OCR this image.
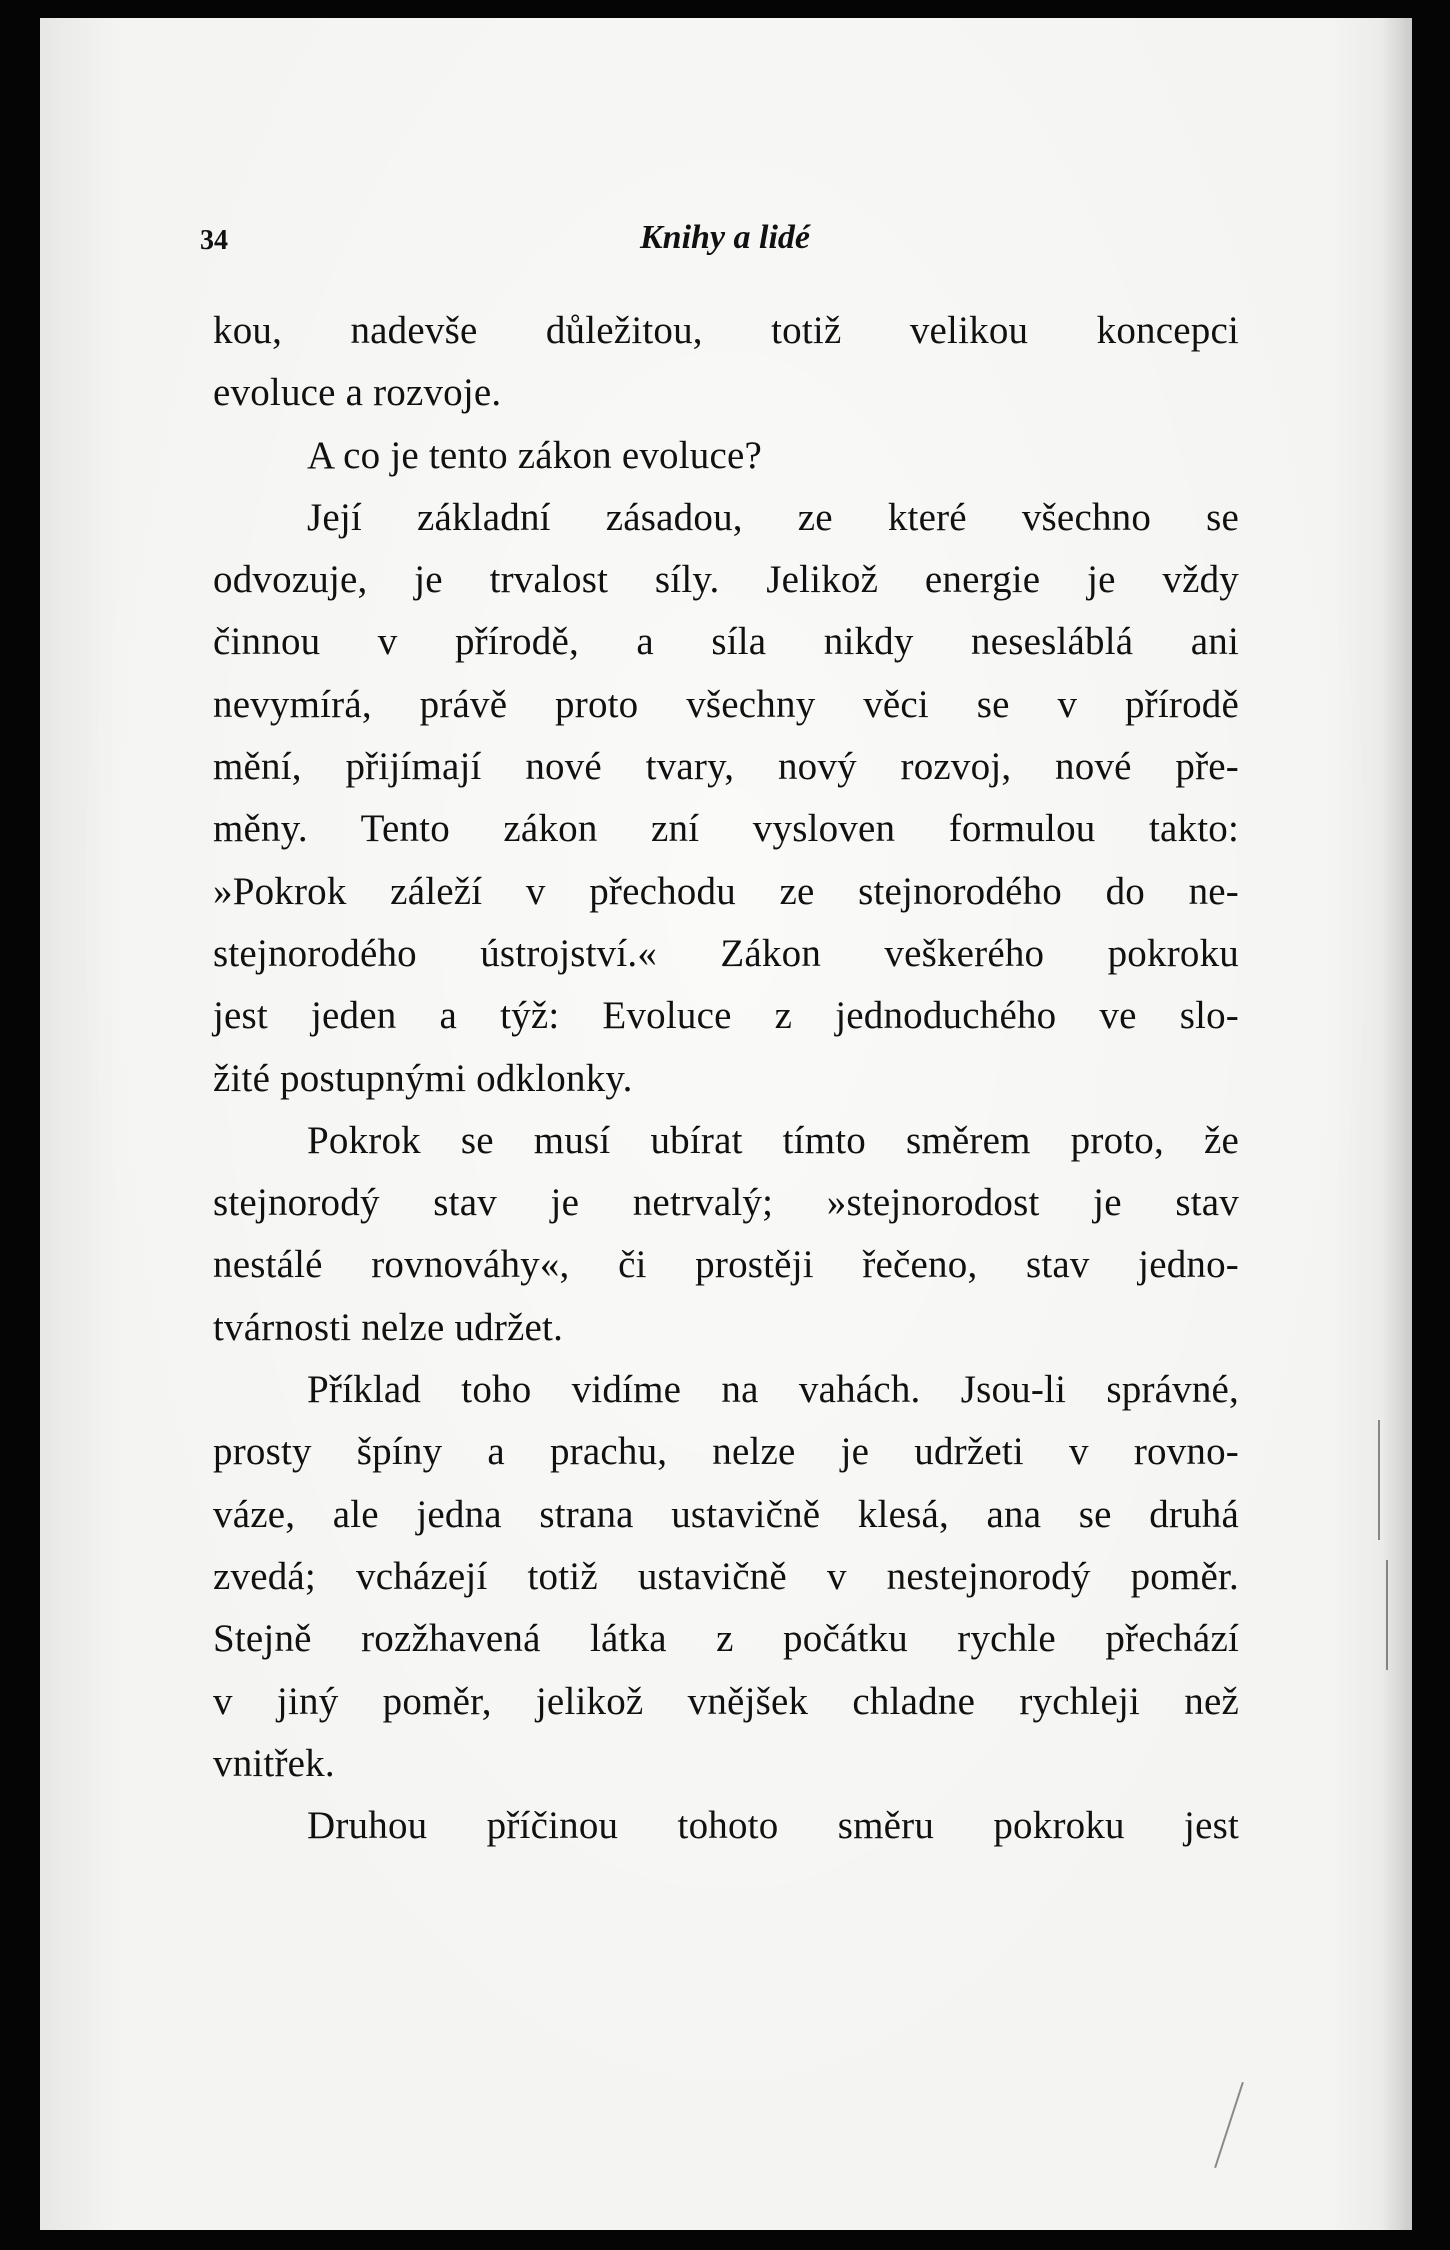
34	Knihy a lidé
kou, nadevše důležitou, totiž velikou koncepci
evoluce a rozvoje.
A co je tento zákon evoluce?
Její základní zásadou, ze které všechno se
odvozuje, je trvalost síly. Jelikož energie je vždy
činnou v přírodě, a síla nikdy nesesláblá ani
nevymírá, právě proto všechny věci se v přírodě
mění, přijímají nové tvary, nový rozvoj, nové pře-
měny. Tento zákon zní vysloven formulou takto:
»Pokrok záleží v přechodu ze stejnorodého do ne-
stejnorodého ústrojství.« Zákon veškerého pokroku
jest jeden a týž: Evoluce z jednoduchého ve slo-
žité postupnými odklonky.
Pokrok se musí ubírat tímto směrem proto, že
stejnorodý stav je netrvalý; »stejnorodost je stav
nestálé rovnováhy«, či prostěji řečeno, stav jedno-
tvárnosti nelze udržet.
Příklad toho vidíme na vahách. Jsou-li správné,
prosty špíny a prachu, nelze je udržeti v rovno-
váze, ale jedna strana ustavičně klesá, ana se druhá
zvedá; vcházejí totiž ustavičně v nestejnorodý poměr.
Stejně rozžhavená látka z počátku rychle přechází
v jiný poměr, jelikož vnějšek chladne rychleji než
vnitřek.
Druhou příčinou tohoto směru pokroku jest
